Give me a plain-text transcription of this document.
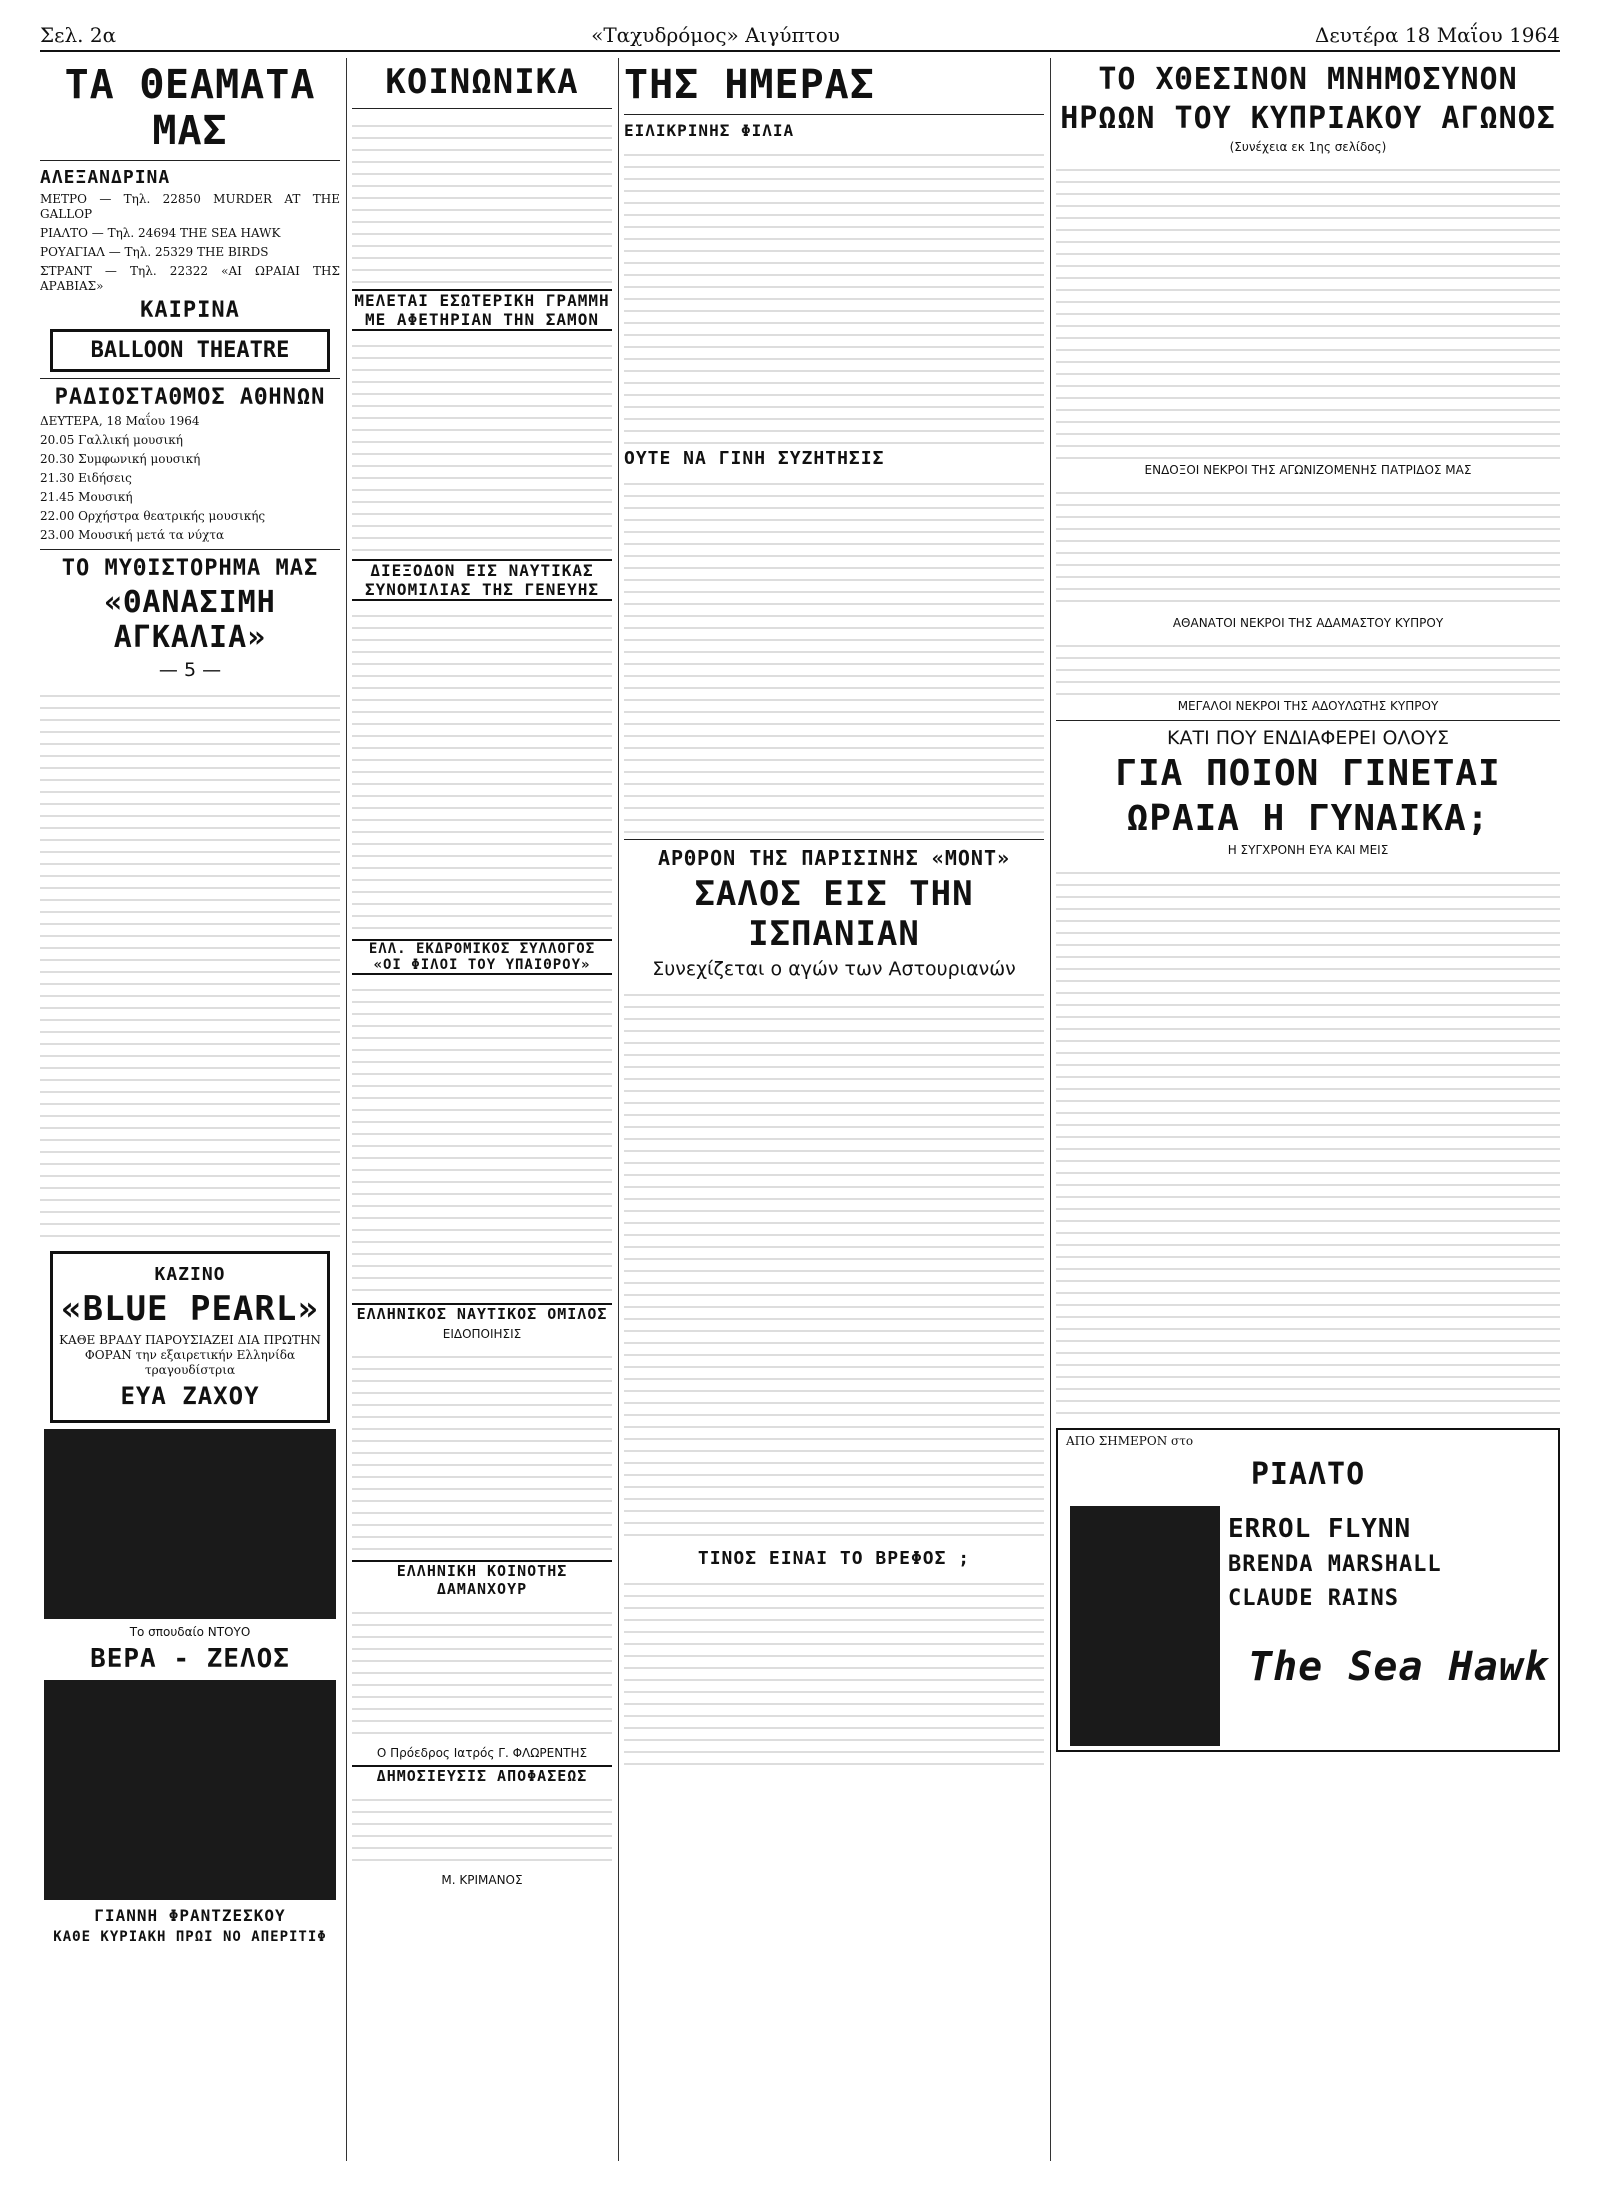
Σελ. 2α	«Ταχυδρόμος» Αιγύπτου	Δευτέρα 18 Μαΐου 1964
ΤΑ ΘΕΑΜΑΤΑ ΜΑΣ
ΑΛΕΞΑΝΔΡΙΝΑ
ΜΕΤΡΟ — Τηλ. 22850 MURDER AT THE GALLOP
ΡΙΑΛΤΟ — Τηλ. 24694 THE SEA HAWK
ΡΟΥΑΓΙΑΛ — Τηλ. 25329 THE BIRDS
ΣΤΡΑΝΤ — Τηλ. 22322 «ΑΙ ΩΡΑΙΑΙ ΤΗΣ ΑΡΑΒΙΑΣ»
ΚΑΙΡΙΝΑ
BALLOON THEATRE
ΡΑΔΙΟΣΤΑΘΜΟΣ ΑΘΗΝΩΝ
ΔΕΥΤΕΡΑ, 18 Μαΐου 1964
20.05 Γαλλική μουσική
20.30 Συμφωνική μουσική
21.30 Ειδήσεις
21.45 Μουσική
22.00 Ορχήστρα θεατρικής μουσικής
23.00 Μουσική μετά τα νύχτα
ΤΟ ΜΥΘΙΣΤΟΡΗΜΑ ΜΑΣ
«ΘΑΝΑΣΙΜΗ ΑΓΚΑΛΙΑ»
— 5 —
ΚΑΖΙΝΟ
«BLUE PEARL»
ΚΑΘΕ ΒΡΑΔΥ ΠΑΡΟΥΣΙΑΖΕΙ ΔΙΑ ΠΡΩΤΗΝ ΦΟΡΑΝ την εξαιρετικήν Ελληνίδα τραγουδίστρια
ΕΥΑ ΖΑΧΟΥ
Το σπουδαίο ΝΤΟΥΟ
ΒΕΡΑ - ΖΕΛΟΣ
ΓΙΑΝΝΗ ΦΡΑΝΤΖΕΣΚΟΥ
ΚΑΘΕ ΚΥΡΙΑΚΗ ΠΡΩΙ ΝΟ ΑΠΕΡΙΤΙΦ
ΚΟΙΝΩΝΙΚΑ
ΜΕΛΕΤΑΙ ΕΣΩΤΕΡΙΚΗ ΓΡΑΜΜΗ ΜΕ ΑΦΕΤΗΡΙΑΝ ΤΗΝ ΣΑΜΟΝ
ΔΙΕΞΟΔΟΝ ΕΙΣ ΝΑΥΤΙΚΑΣ ΣΥΝΟΜΙΛΙΑΣ ΤΗΣ ΓΕΝΕΥΗΣ
ΕΛΛ. ΕΚΔΡΟΜΙΚΟΣ ΣΥΛΛΟΓΟΣ «ΟΙ ΦΙΛΟΙ ΤΟΥ ΥΠΑΙΘΡΟΥ»
ΕΛΛΗΝΙΚΟΣ ΝΑΥΤΙΚΟΣ ΟΜΙΛΟΣ
ΕΙΔΟΠΟΙΗΣΙΣ
ΕΛΛΗΝΙΚΗ ΚΟΙΝΟΤΗΣ ΔΑΜΑΝΧΟΥΡ
Ο Πρόεδρος Ιατρός Γ. ΦΛΩΡΕΝΤΗΣ
ΔΗΜΟΣΙΕΥΣΙΣ ΑΠΟΦΑΣΕΩΣ
Μ. ΚΡΙΜΑΝΟΣ
ΤΗΣ ΗΜΕΡΑΣ
ΕΙΛΙΚΡΙΝΗΣ ΦΙΛΙΑ
ΟΥΤΕ ΝΑ ΓΙΝΗ ΣΥΖΗΤΗΣΙΣ
ΑΡΘΡΟΝ ΤΗΣ ΠΑΡΙΣΙΝΗΣ «ΜΟΝΤ»
ΣΑΛΟΣ ΕΙΣ ΤΗΝ ΙΣΠΑΝΙΑΝ
Συνεχίζεται ο αγών των Αστουριανών
ΤΙΝΟΣ ΕΙΝΑΙ ΤΟ ΒΡΕΦΟΣ ;
ΤΟ ΧΘΕΣΙΝΟΝ ΜΝΗΜΟΣΥΝΟΝ
ΗΡΩΩΝ ΤΟΥ ΚΥΠΡΙΑΚΟΥ ΑΓΩΝΟΣ
(Συνέχεια εκ 1ης σελίδος)
ΕΝΔΟΞΟΙ ΝΕΚΡΟΙ ΤΗΣ ΑΓΩΝΙΖΟΜΕΝΗΣ ΠΑΤΡΙΔΟΣ ΜΑΣ
ΑΘΑΝΑΤΟΙ ΝΕΚΡΟΙ ΤΗΣ ΑΔΑΜΑΣΤΟΥ ΚΥΠΡΟΥ
ΜΕΓΑΛΟΙ ΝΕΚΡΟΙ ΤΗΣ ΑΔΟΥΛΩΤΗΣ ΚΥΠΡΟΥ
ΚΑΤΙ ΠΟΥ ΕΝΔΙΑΦΕΡΕΙ ΟΛΟΥΣ
ΓΙΑ ΠΟΙΟΝ ΓΙΝΕΤΑΙ
ΩΡΑΙΑ Η ΓΥΝΑΙΚΑ;
Η ΣΥΓΧΡΟΝΗ ΕΥΑ ΚΑΙ ΜΕΙΣ
ΑΠΟ ΣΗΜΕΡΟΝ στο
ΡΙΑΛΤΟ
ERROL FLYNN
BRENDA MARSHALL
CLAUDE RAINS
The Sea Hawk
